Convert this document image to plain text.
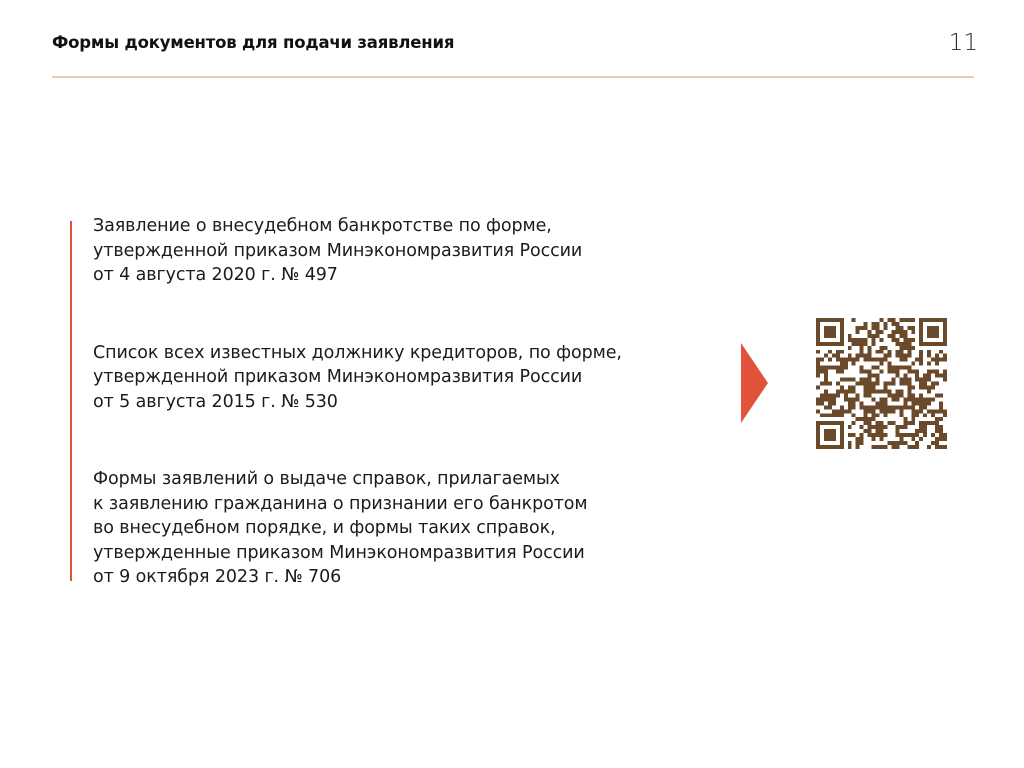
Формы документов для подачи заявления	11
Заявление о внесудебном банкротстве по форме,
утвержденной приказом Минэкономразвития России
от 4 августа 2020 г. № 497
Список всех известных должнику кредиторов, по форме,
утвержденной приказом Минэкономразвития России
от 5 августа 2015 г. № 530
Формы заявлений о выдаче справок, прилагаемых
к заявлению гражданина о признании его банкротом
во внесудебном порядке, и формы таких справок,
утвержденные приказом Минэкономразвития России
от 9 октября 2023 г. № 706
